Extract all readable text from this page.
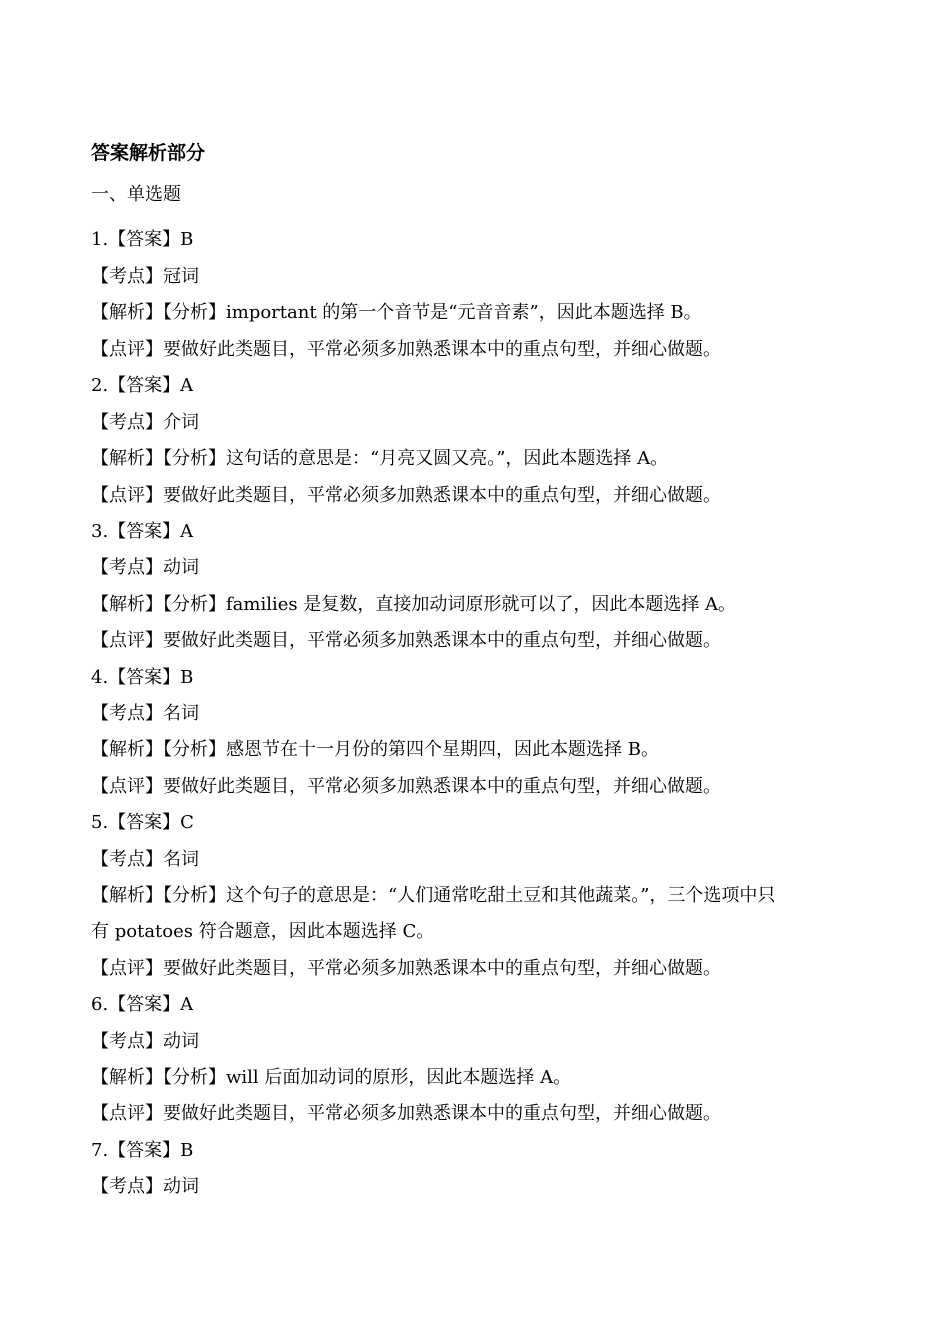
答案解析部分
一、单选题
1.【答案】B
【考点】冠词
【解析】【分析】important 的第一个音节是“元音音素”，因此本题选择 B。
【点评】要做好此类题目，平常必须多加熟悉课本中的重点句型，并细心做题。
2.【答案】A
【考点】介词
【解析】【分析】这句话的意思是：“月亮又圆又亮。”，因此本题选择 A。
【点评】要做好此类题目，平常必须多加熟悉课本中的重点句型，并细心做题。
3.【答案】A
【考点】动词
【解析】【分析】families 是复数，直接加动词原形就可以了，因此本题选择 A。
【点评】要做好此类题目，平常必须多加熟悉课本中的重点句型，并细心做题。
4.【答案】B
【考点】名词
【解析】【分析】感恩节在十一月份的第四个星期四，因此本题选择 B。
【点评】要做好此类题目，平常必须多加熟悉课本中的重点句型，并细心做题。
5.【答案】C
【考点】名词
【解析】【分析】这个句子的意思是：“人们通常吃甜土豆和其他蔬菜。”，三个选项中只
有 potatoes 符合题意，因此本题选择 C。
【点评】要做好此类题目，平常必须多加熟悉课本中的重点句型，并细心做题。
6.【答案】A
【考点】动词
【解析】【分析】will 后面加动词的原形，因此本题选择 A。
【点评】要做好此类题目，平常必须多加熟悉课本中的重点句型，并细心做题。
7.【答案】B
【考点】动词
